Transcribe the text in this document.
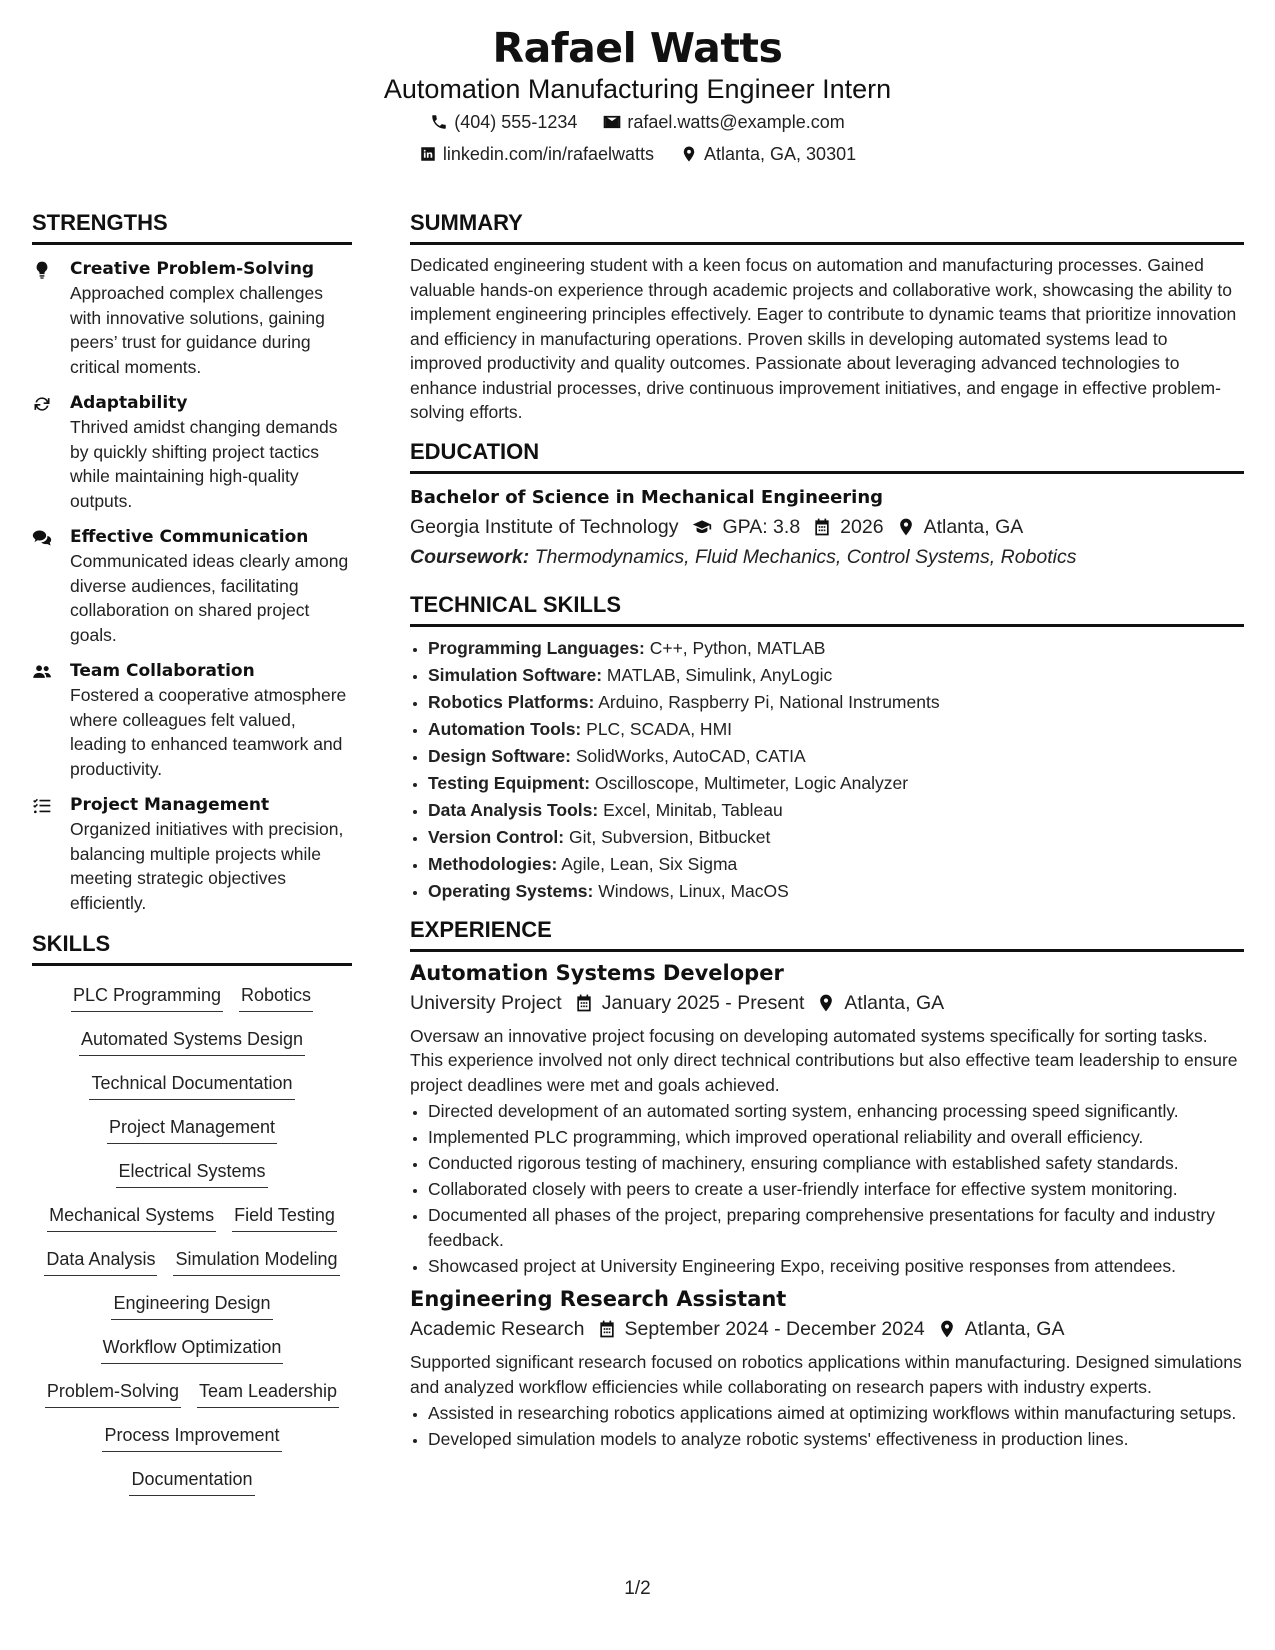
Rafael Watts
Automation Manufacturing Engineer Intern
(404) 555-1234	rafael.watts@example.com
linkedin.com/in/rafaelwatts	Atlanta, GA, 30301
STRENGTHS
Creative Problem-Solving
Approached complex challenges with innovative solutions, gaining peers’ trust for guidance during critical moments.
Adaptability
Thrived amidst changing demands by quickly shifting project tactics while maintaining high-quality outputs.
Effective Communication
Communicated ideas clearly among diverse audiences, facilitating collaboration on shared project goals.
Team Collaboration
Fostered a cooperative atmosphere where colleagues felt valued, leading to enhanced teamwork and productivity.
Project Management
Organized initiatives with precision, balancing multiple projects while meeting strategic objectives efficiently.
SKILLS
PLC Programming Robotics
Automated Systems Design
Technical Documentation
Project Management
Electrical Systems
Mechanical Systems Field Testing
Data Analysis Simulation Modeling
Engineering Design
Workflow Optimization
Problem-Solving Team Leadership
Process Improvement
Documentation
SUMMARY
Dedicated engineering student with a keen focus on automation and manufacturing processes. Gained valuable hands-on experience through academic projects and collaborative work, showcasing the ability to implement engineering principles effectively. Eager to contribute to dynamic teams that prioritize innovation and efficiency in manufacturing operations. Proven skills in developing automated systems lead to improved productivity and quality outcomes. Passionate about leveraging advanced technologies to enhance industrial processes, drive continuous improvement initiatives, and engage in effective problem-solving efforts.
EDUCATION
Bachelor of Science in Mechanical Engineering
Georgia Institute of Technology GPA: 3.8 2026 Atlanta, GA
Coursework: Thermodynamics, Fluid Mechanics, Control Systems, Robotics
TECHNICAL SKILLS
• Programming Languages: C++, Python, MATLAB
• Simulation Software: MATLAB, Simulink, AnyLogic
• Robotics Platforms: Arduino, Raspberry Pi, National Instruments
• Automation Tools: PLC, SCADA, HMI
• Design Software: SolidWorks, AutoCAD, CATIA
• Testing Equipment: Oscilloscope, Multimeter, Logic Analyzer
• Data Analysis Tools: Excel, Minitab, Tableau
• Version Control: Git, Subversion, Bitbucket
• Methodologies: Agile, Lean, Six Sigma
• Operating Systems: Windows, Linux, MacOS
EXPERIENCE
Automation Systems Developer
University Project January 2025 - Present Atlanta, GA
Oversaw an innovative project focusing on developing automated systems specifically for sorting tasks. This experience involved not only direct technical contributions but also effective team leadership to ensure project deadlines were met and goals achieved.
• Directed development of an automated sorting system, enhancing processing speed significantly.
• Implemented PLC programming, which improved operational reliability and overall efficiency.
• Conducted rigorous testing of machinery, ensuring compliance with established safety standards.
• Collaborated closely with peers to create a user-friendly interface for effective system monitoring.
• Documented all phases of the project, preparing comprehensive presentations for faculty and industry feedback.
• Showcased project at University Engineering Expo, receiving positive responses from attendees.
Engineering Research Assistant
Academic Research September 2024 - December 2024 Atlanta, GA
Supported significant research focused on robotics applications within manufacturing. Designed simulations and analyzed workflow efficiencies while collaborating on research papers with industry experts.
• Assisted in researching robotics applications aimed at optimizing workflows within manufacturing setups.
• Developed simulation models to analyze robotic systems' effectiveness in production lines.
1/2
